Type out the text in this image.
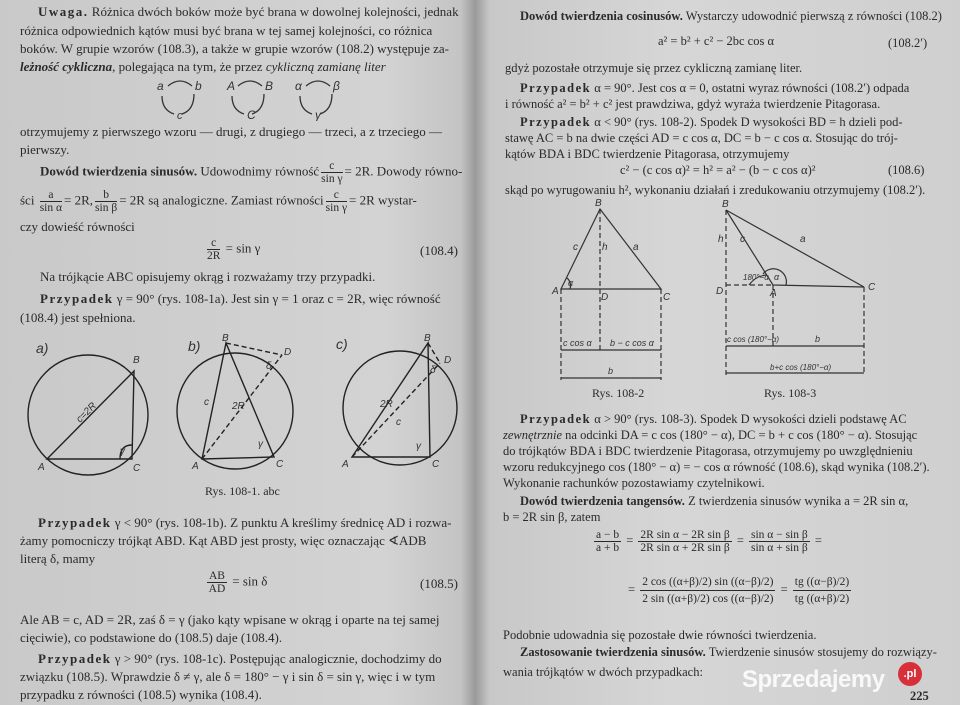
Uwaga. Różnica dwóch boków może być brana w dowolnej kolejności, jednak
różnica odpowiednich kątów musi być brana w tej samej kolejności, co różnica
boków. W grupie wzorów (108.3), a także w grupie wzorów (108.2) występuje za-
leżność cykliczna, polegająca na tym, że przez cykliczną zamianę liter
a	b
c
A B
C
α	β
γ
otrzymujemy z pierwszego wzoru — drugi, z drugiego — trzeci, a z trzeciego —
pierwszy.
Dowód twierdzenia sinusów. Udowodnimy równość $\frac{c}{\text{sin γ}} = 2R$. Dowody równo-
ści $\frac{a}{\text{sin α}} = 2R$, $\frac{b}{\text{sin β}} = 2R$ są analogiczne. Zamiast równości $\frac{c}{\text{sin γ}} = 2R$ wystar-
czy dowieść równości
$\frac{c}{2R} = \sin \gamma$	(108.4)
Na trójkącie ABC opisujemy okrąg i rozważamy trzy przypadki.
Przypadek γ = 90° (rys. 108-1a). Jest sin γ = 1 oraz c = 2R, więc równość
(108.4) jest spełniona.
a)	b)	c)
A
B
C
c=2R
γ
A
B
C
D
c 2R
γ
δ
A
B
C
D
c
2R
γ
δ
Rys. 108-1. abc
Przypadek γ < 90° (rys. 108-1b). Z punktu A kreślimy średnicę AD i rozwa-
żamy pomocniczy trójkąt ABD. Kąt ABD jest prosty, więc oznaczając ∢ADB
literą δ, mamy
$\frac{AB}{AD} = \sin \delta$	(108.5)
Ale AB = c, AD = 2R, zaś δ = γ (jako kąty wpisane w okrąg i oparte na tej samej
cięciwie), co podstawione do (108.5) daje (108.4).
Przypadek γ > 90° (rys. 108-1c). Postępując analogicznie, dochodzimy do
związku (108.5). Wprawdzie δ ≠ γ, ale δ = 180° − γ i sin δ = sin γ, więc i w tym
przypadku z równości (108.5) wynika (108.4).
Dowód twierdzenia cosinusów. Wystarczy udowodnić pierwszą z równości (108.2)
a² = b² + c² − 2bc cos α	(108.2′)
gdyż pozostałe otrzymuje się przez cykliczną zamianę liter.
Przypadek α = 90°. Jest cos α = 0, ostatni wyraz równości (108.2′) odpada
i równość a² = b² + c² jest prawdziwa, gdyż wyraża twierdzenie Pitagorasa.
Przypadek α < 90° (rys. 108-2). Spodek D wysokości BD = h dzieli pod-
stawę AC = b na dwie części AD = c cos α, DC = b − c cos α. Stosując do trój-
kątów BDA i BDC twierdzenie Pitagorasa, otrzymujemy
c² − (c cos α)² = h² = a² − (b − c cos α)²	(108.6)
skąd po wyrugowaniu h², wykonaniu działań i zredukowaniu otrzymujemy (108.2′).
B
A
C
D
c	a
h
α
c cos α b − c cos α
b
B
A
C
D
c	a
h
180°−α α
c cos (180°−α)	b
b+c cos (180°−α)
Rys. 108-2	Rys. 108-3
Przypadek α > 90° (rys. 108-3). Spodek D wysokości dzieli podstawę AC
zewnętrznie na odcinki DA = c cos (180° − α), DC = b + c cos (180° − α). Stosując
do trójkątów BDA i BDC twierdzenie Pitagorasa, otrzymujemy po uwzględnieniu
wzoru redukcyjnego cos (180° − α) = − cos α równość (108.6), skąd wynika (108.2′).
Wykonanie rachunków pozostawiamy czytelnikowi.
Dowód twierdzenia tangensów. Z twierdzenia sinusów wynika a = 2R sin α,
b = 2R sin β, zatem
$\frac{a - b}{a + b} = \frac{\text{2R sin α − 2R sin β}}{\text{2R sin α + 2R sin β}} = \frac{\text{sin α − sin β}}{\text{sin α + sin β}}$ =
= $\frac{2 \cos ((\alpha+\beta)/2) \sin ((\alpha-\beta)/2)}{2 \sin ((\alpha+\beta)/2) \cos ((\alpha-\beta)/2)} = \frac{tg ((\alpha-\beta)/2)}{tg ((\alpha+\beta)/2)}$
Podobnie udowadnia się pozostałe dwie równości twierdzenia.
Zastosowanie twierdzenia sinusów. Twierdzenie sinusów stosujemy do rozwiązy-
wania trójkątów w dwóch przypadkach:
225
Sprzedajemy	.pl
